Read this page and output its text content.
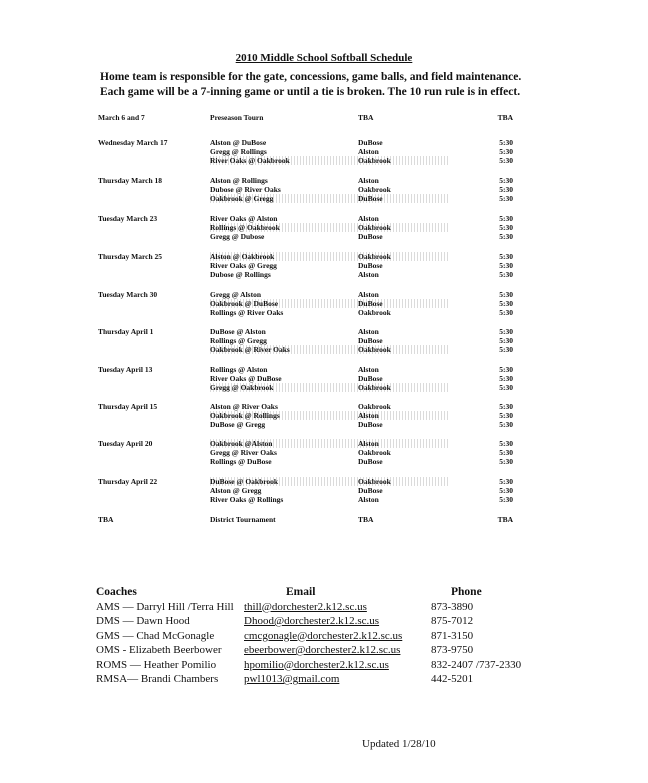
2010 Middle School Softball Schedule
Home team is responsible for the gate, concessions, game balls, and field maintenance.
Each game will be a 7-inning game or until a tie is broken. The 10 run rule is in effect.
March 6 and 7	Preseason Tourn	TBA	TBA
Wednesday March 17	Alston @ DuBose	DuBose	5:30
Gregg @ Rollings	Alston	5:30
River Oaks @ Oakbrook	Oakbrook	5:30
Thursday March 18	Alston @ Rollings	Alston	5:30
Dubose @ River Oaks	Oakbrook	5:30
Oakbrook @ Gregg	DuBose	5:30
Tuesday March 23	River Oaks @ Alston	Alston	5:30
Rollings @ Oakbrook	Oakbrook	5:30
Gregg @ Dubose	DuBose	5:30
Thursday March 25	Alston @ Oakbrook	Oakbrook	5:30
River Oaks @ Gregg	DuBose	5:30
Dubose @ Rollings	Alston	5:30
Tuesday March 30	Gregg @ Alston	Alston	5:30
Oakbrook @ DuBose	DuBose	5:30
Rollings @ River Oaks	Oakbrook	5:30
Thursday April 1	DuBose @ Alston	Alston	5:30
Rollings @ Gregg	DuBose	5:30
Oakbrook @ River Oaks	Oakbrook	5:30
Tuesday April 13	Rollings @ Alston	Alston	5:30
River Oaks @ DuBose	DuBose	5:30
Gregg @ Oakbrook	Oakbrook	5:30
Thursday April 15	Alston @ River Oaks	Oakbrook	5:30
Oakbrook @ Rollings	Alston	5:30
DuBose @ Gregg	DuBose	5:30
Tuesday April 20	Oakbrook @Alston	Alston	5:30
Gregg @ River Oaks	Oakbrook	5:30
Rollings @ DuBose	DuBose	5:30
Thursday April 22	DuBose @ Oakbrook	Oakbrook	5:30
Alston @ Gregg	DuBose	5:30
River Oaks @ Rollings	Alston	5:30
TBA	District Tournament	TBA	TBA
Coaches	Email	Phone
AMS — Darryl Hill /Terra Hill thill@dorchester2.k12.sc.us	873-3890
DMS — Dawn Hood	Dhood@dorchester2.k12.sc.us	875-7012
GMS — Chad McGonagle	cmcgonagle@dorchester2.k12.sc.us	871-3150
OMS - Elizabeth Beerbower ebeerbower@dorchester2.k12.sc.us	873-9750
ROMS — Heather Pomilio	hpomilio@dorchester2.k12.sc.us	832-2407 /737-2330
RMSA— Brandi Chambers pwl1013@gmail.com	442-5201
Updated 1/28/10
